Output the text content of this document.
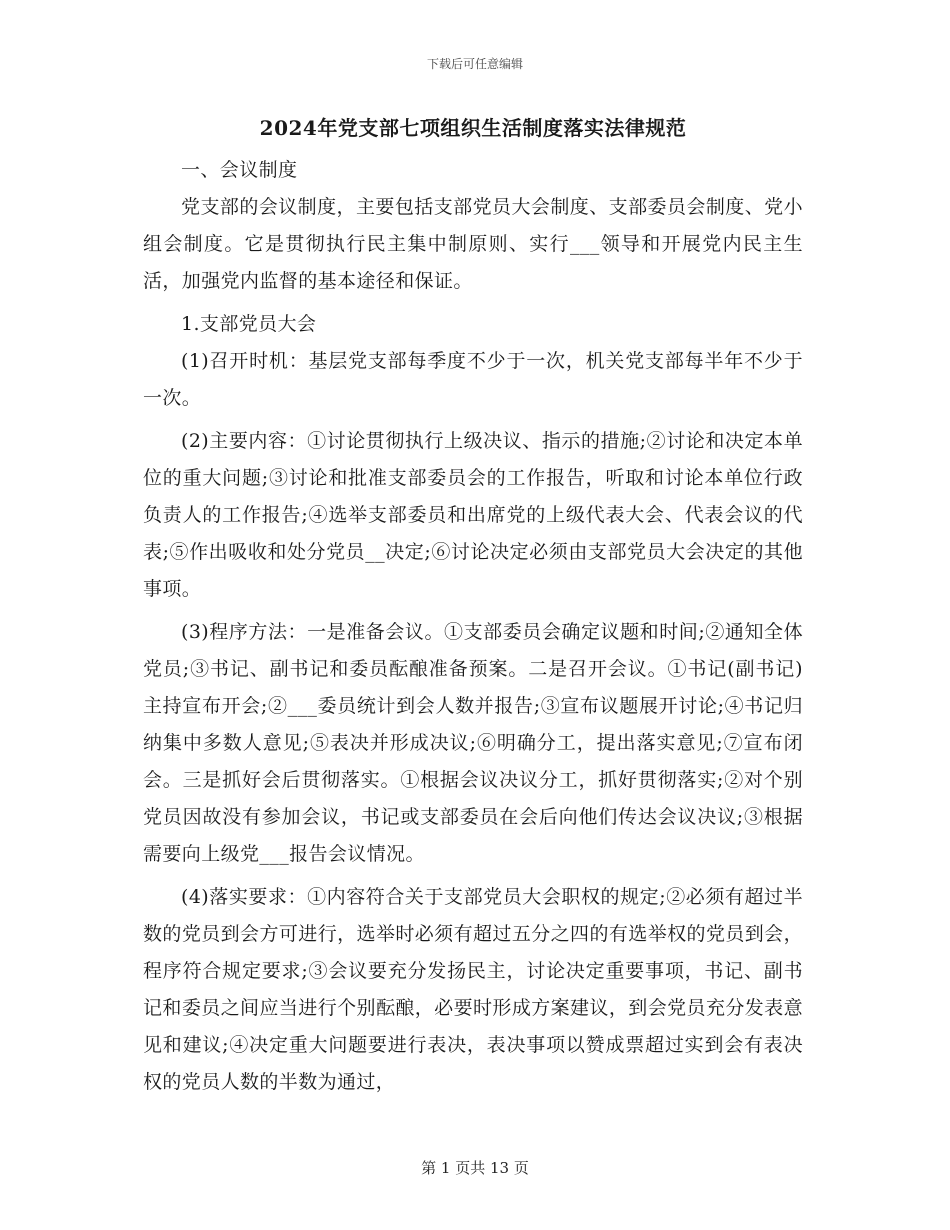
下载后可任意编辑
2024年党支部七项组织生活制度落实法律规范

一、会议制度

党支部的会议制度，主要包括支部党员大会制度、支部委员会制度、党小组会制度。它是贯彻执行民主集中制原则、实行___领导和开展党内民主生活，加强党内监督的基本途径和保证。

1.支部党员大会

(1)召开时机：基层党支部每季度不少于一次，机关党支部每半年不少于一次。

(2)主要内容：①讨论贯彻执行上级决议、指示的措施;②讨论和决定本单位的重大问题;③讨论和批准支部委员会的工作报告，听取和讨论本单位行政负责人的工作报告;④选举支部委员和出席党的上级代表大会、代表会议的代表;⑤作出吸收和处分党员__决定;⑥讨论决定必须由支部党员大会决定的其他事项。

(3)程序方法：一是准备会议。①支部委员会确定议题和时间;②通知全体党员;③书记、副书记和委员酝酿准备预案。二是召开会议。①书记(副书记)主持宣布开会;②___委员统计到会人数并报告;③宣布议题展开讨论;④书记归纳集中多数人意见;⑤表决并形成决议;⑥明确分工，提出落实意见;⑦宣布闭会。三是抓好会后贯彻落实。①根据会议决议分工，抓好贯彻落实;②对个别党员因故没有参加会议，书记或支部委员在会后向他们传达会议决议;③根据需要向上级党___报告会议情况。

(4)落实要求：①内容符合关于支部党员大会职权的规定;②必须有超过半数的党员到会方可进行，选举时必须有超过五分之四的有选举权的党员到会，程序符合规定要求;③会议要充分发扬民主，讨论决定重要事项，书记、副书记和委员之间应当进行个别酝酿，必要时形成方案建议，到会党员充分发表意见和建议;④决定重大问题要进行表决，表决事项以赞成票超过实到会有表决权的党员人数的半数为通过，

第 1 页共 13 页
